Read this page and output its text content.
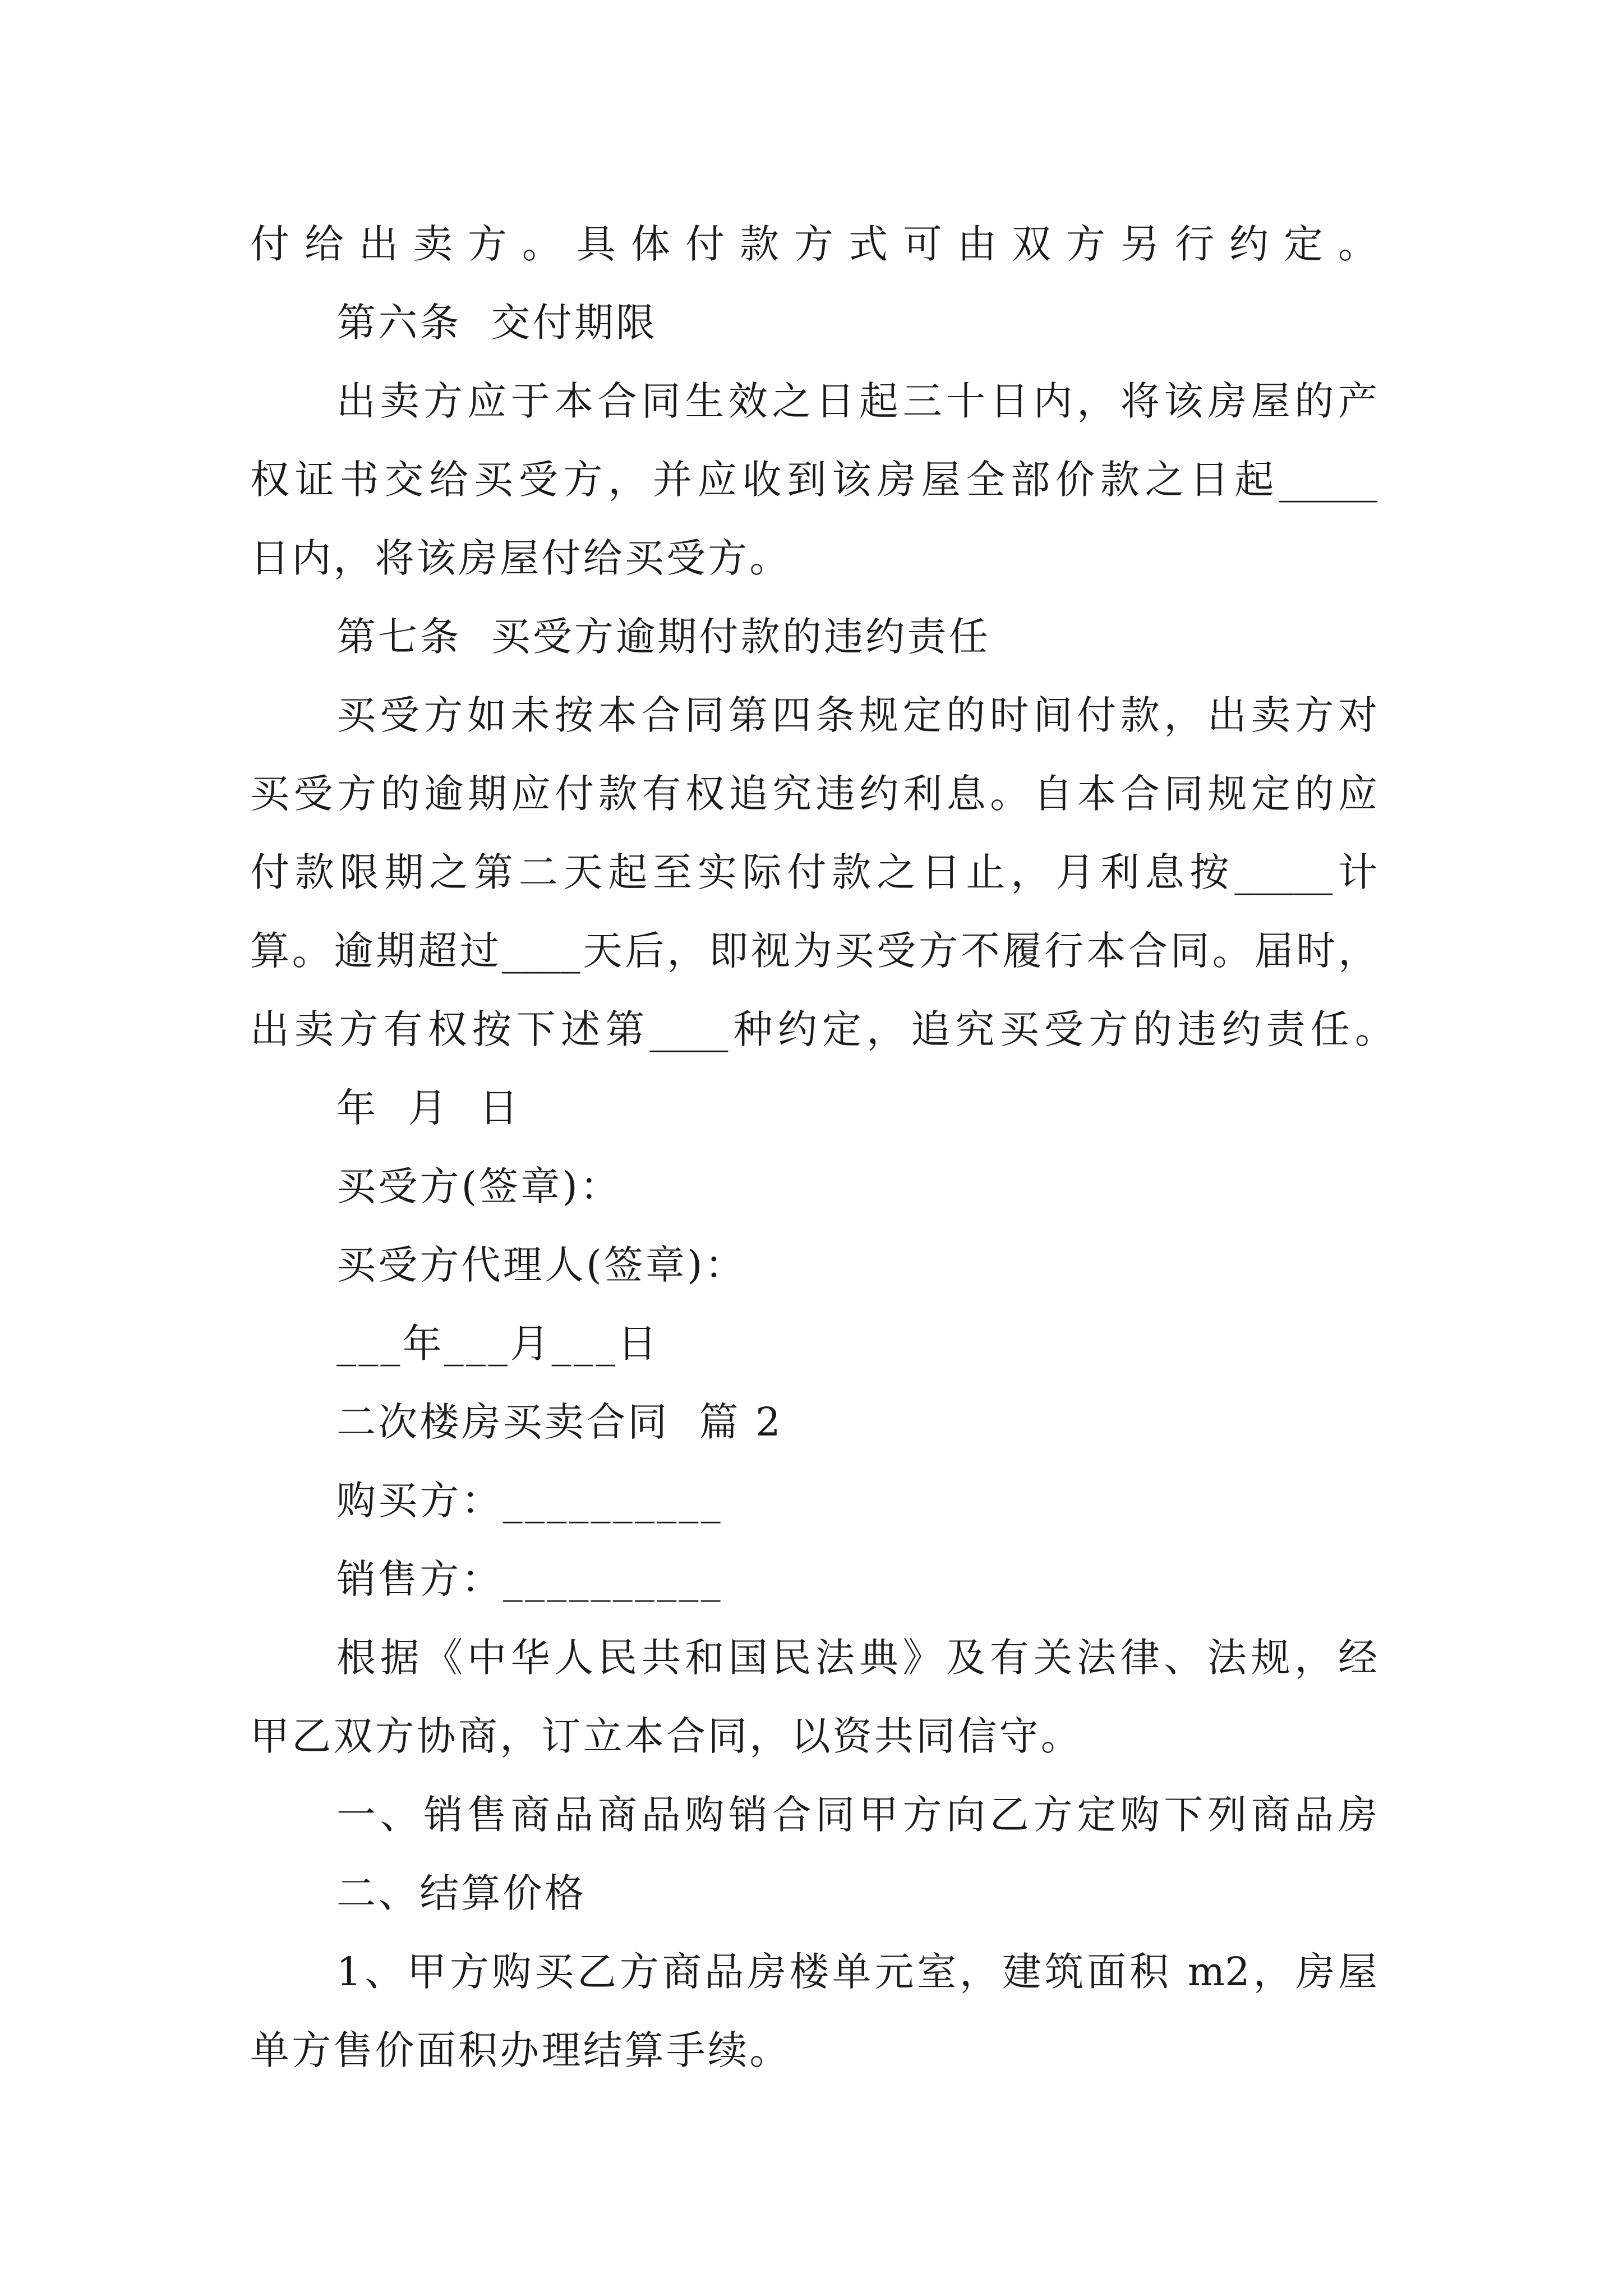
付给出卖方。具体付款方式可由双方另行约定。
第六条  交付期限
出卖方应于本合同生效之日起三十日内，将该房屋的产
权证书交给买受方，并应收到该房屋全部价款之日起_____
日内，将该房屋付给买受方。
第七条  买受方逾期付款的违约责任
买受方如未按本合同第四条规定的时间付款，出卖方对
买受方的逾期应付款有权追究违约利息。自本合同规定的应
付款限期之第二天起至实际付款之日止，月利息按_____计
算。逾期超过____天后，即视为买受方不履行本合同。届时，
出卖方有权按下述第____种约定，追究买受方的违约责任。
年  月  日
买受方(签章)：
买受方代理人(签章)：
___年___月___日
二次楼房买卖合同  篇 2
购买方：__________
销售方：__________
根据《中华人民共和国民法典》及有关法律、法规，经
甲乙双方协商，订立本合同，以资共同信守。
一、销售商品商品购销合同甲方向乙方定购下列商品房
二、结算价格
1、甲方购买乙方商品房楼单元室，建筑面积 m2，房屋
单方售价面积办理结算手续。
